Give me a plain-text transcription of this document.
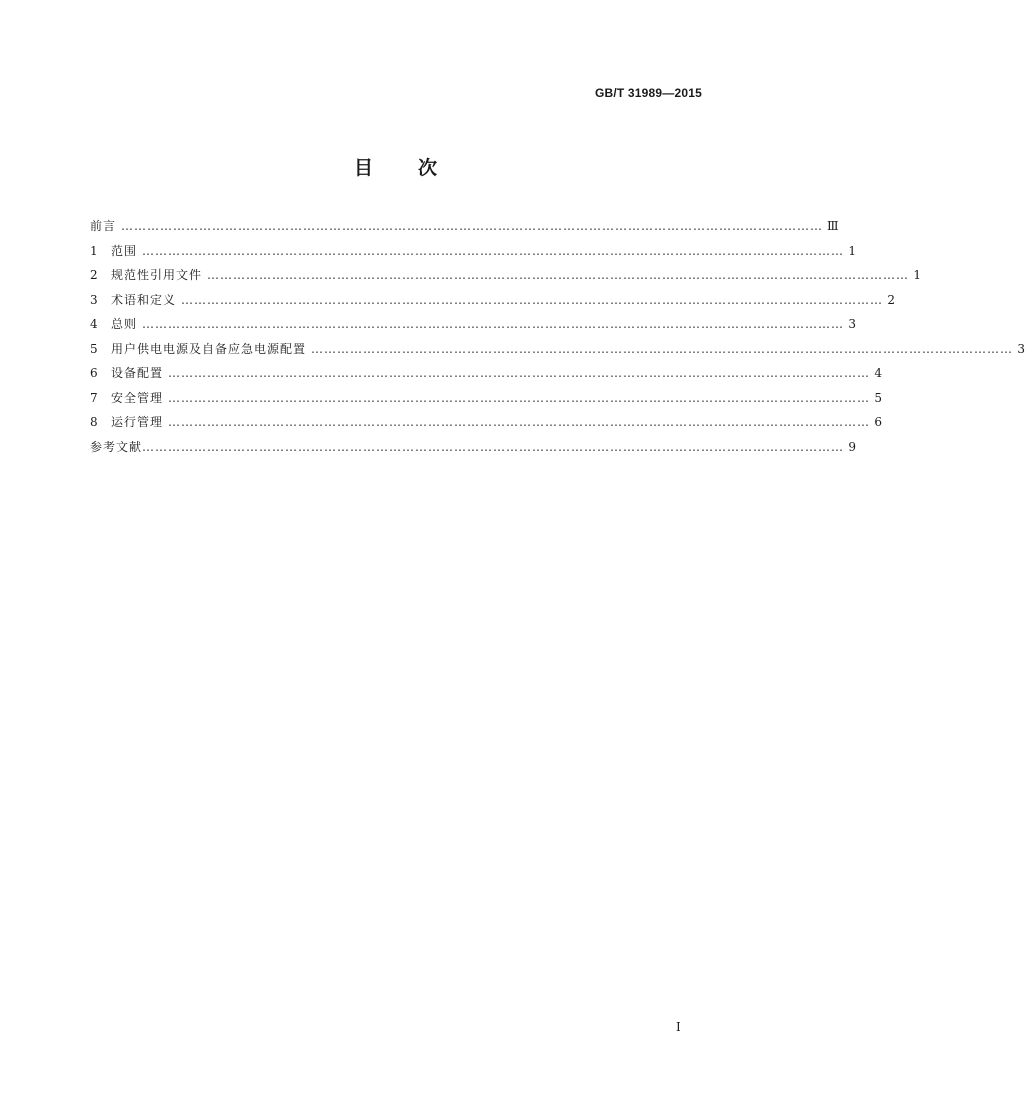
GB/T 31989—2015
目 次
前言 ……………………………………………………………………………………………………………………………………………… Ⅲ
1	范围 ……………………………………………………………………………………………………………………………………………… 1
2	规范性引用文件 ……………………………………………………………………………………………………………………………………………… 1
3	术语和定义 ……………………………………………………………………………………………………………………………………………… 2
4	总则 ……………………………………………………………………………………………………………………………………………… 3
5	用户供电电源及自备应急电源配置 ……………………………………………………………………………………………………………………………………………… 3
6	设备配置 ……………………………………………………………………………………………………………………………………………… 4
7	安全管理 ……………………………………………………………………………………………………………………………………………… 5
8	运行管理 ……………………………………………………………………………………………………………………………………………… 6
参考文献 ……………………………………………………………………………………………………………………………………………… 9
I
